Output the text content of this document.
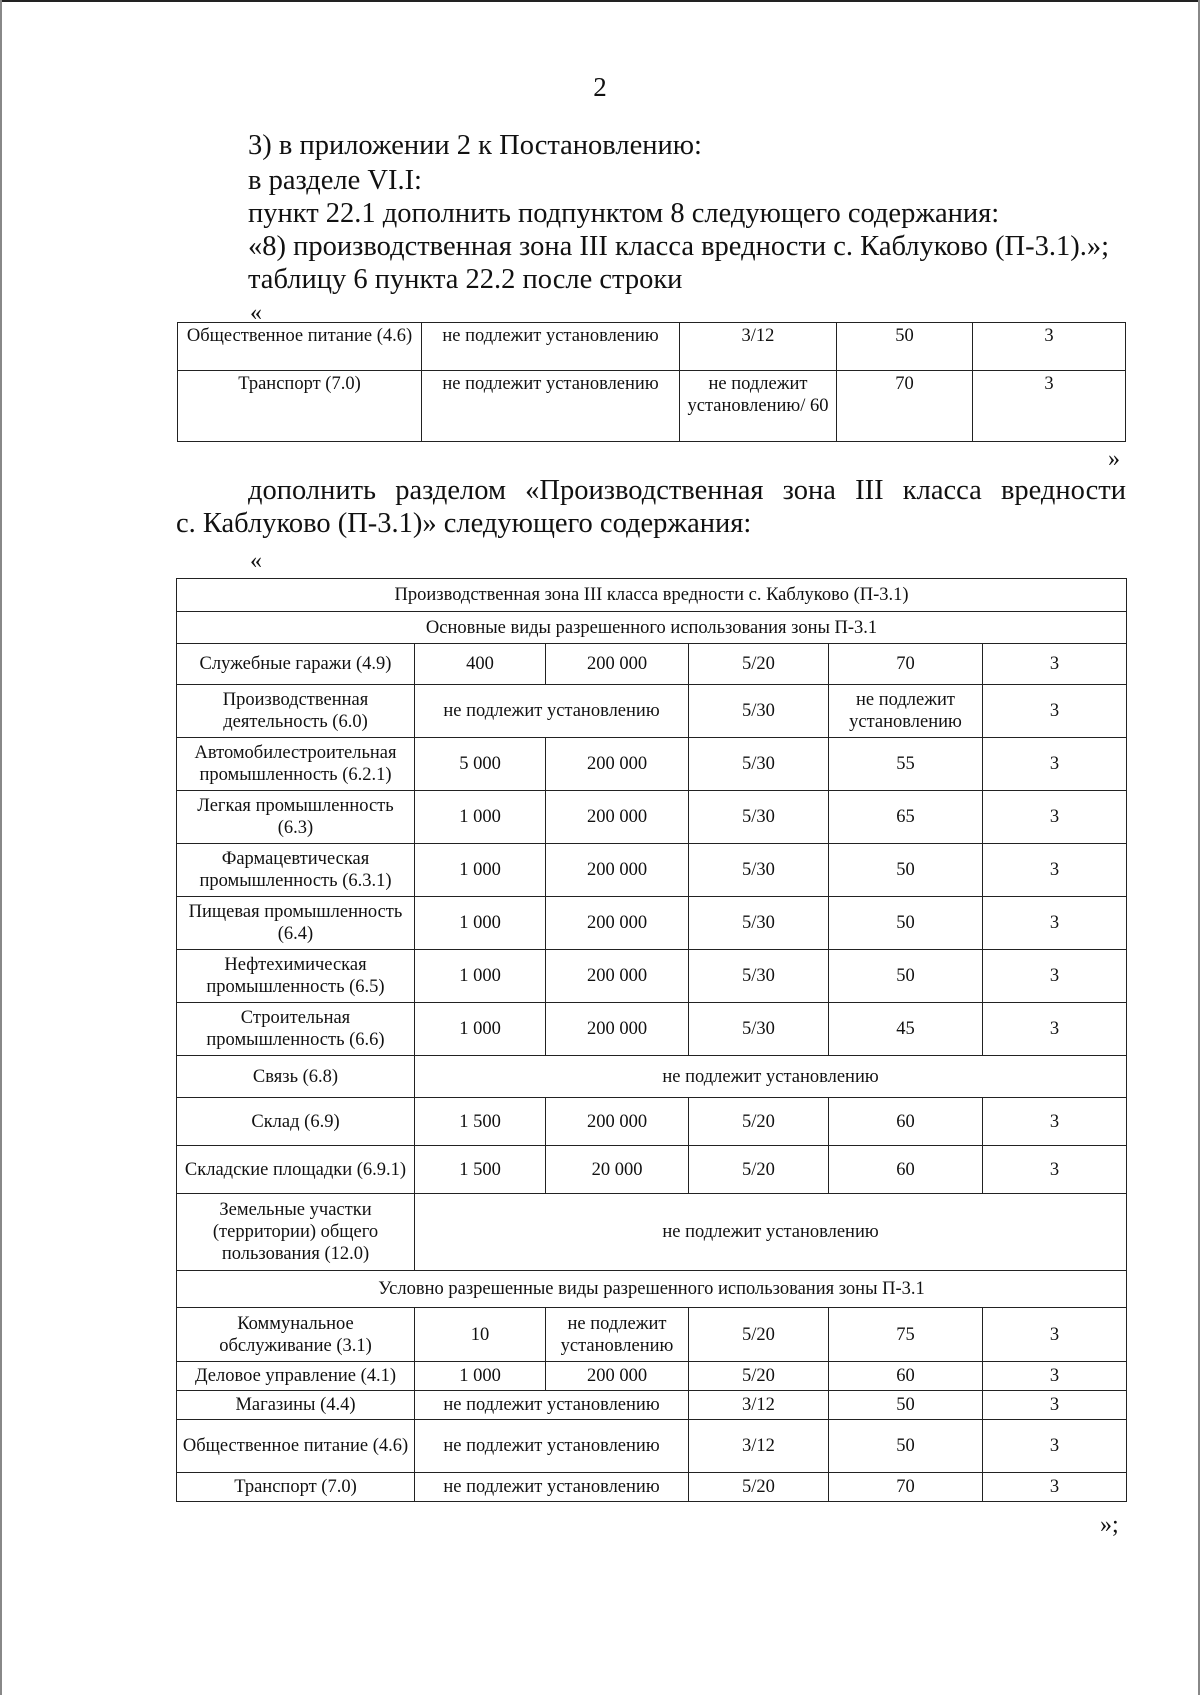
2
3) в приложении 2 к Постановлению:
в разделе VI.I:
пункт 22.1 дополнить подпунктом 8 следующего содержания:
«8) производственная зона III класса вредности с. Каблуково (П-3.1).»;
таблицу 6 пункта 22.2 после строки
«
Общественное питание (4.6)	не подлежит установлению	3/12	50	3
Транспорт (7.0)	не подлежит установлению	не подлежит установлению/ 60	70	3
»
дополнить разделом «Производственная зона III класса вредности
с. Каблуково (П-3.1)» следующего содержания:
«
Производственная зона III класса вредности с. Каблуково (П-3.1)					
Основные виды разрешенного использования зоны П-3.1					
Служебные гаражи (4.9)	400	200 000	5/20	70	3
Производственная деятельность (6.0)	не подлежит установлению		5/30	не подлежит установлению	3
Автомобилестроительная промышленность (6.2.1)	5 000	200 000	5/30	55	3
Легкая промышленность (6.3)	1 000	200 000	5/30	65	3
Фармацевтическая промышленность (6.3.1)	1 000	200 000	5/30	50	3
Пищевая промышленность (6.4)	1 000	200 000	5/30	50	3
Нефтехимическая промышленность (6.5)	1 000	200 000	5/30	50	3
Строительная промышленность (6.6)	1 000	200 000	5/30	45	3
Связь (6.8)	не подлежит установлению				
Склад (6.9)	1 500	200 000	5/20	60	3
Складские площадки (6.9.1)	1 500	20 000	5/20	60	3
Земельные участки (территории) общего пользования (12.0)	не подлежит установлению				
Условно разрешенные виды разрешенного использования зоны П-3.1					
Коммунальное обслуживание (3.1)	10	не подлежит установлению	5/20	75	3
Деловое управление (4.1)	1 000	200 000	5/20	60	3
Магазины (4.4)	не подлежит установлению		3/12	50	3
Общественное питание (4.6)	не подлежит установлению		3/12	50	3
Транспорт (7.0)	не подлежит установлению		5/20	70	3
»;
